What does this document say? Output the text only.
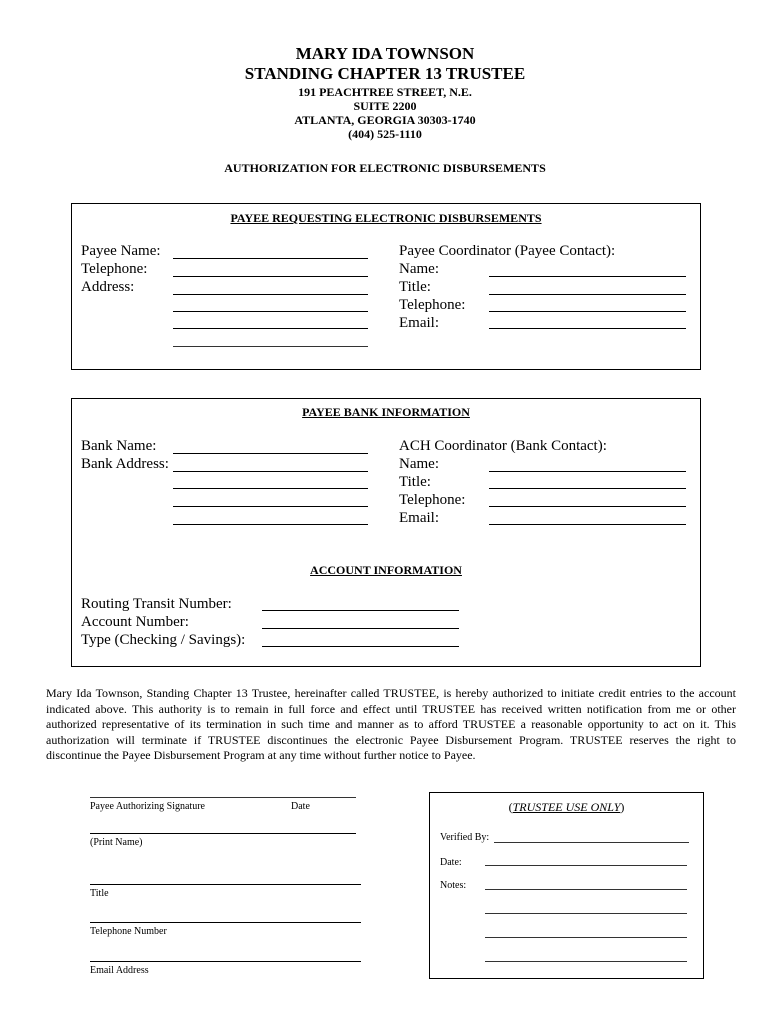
MARY IDA TOWNSON
STANDING CHAPTER 13 TRUSTEE
191 PEACHTREE STREET, N.E.
SUITE 2200
ATLANTA, GEORGIA 30303-1740
(404) 525-1110
AUTHORIZATION FOR ELECTRONIC DISBURSEMENTS
PAYEE REQUESTING ELECTRONIC DISBURSEMENTS
Payee Name:
Telephone:
Address:
Payee Coordinator (Payee Contact):
Name:
Title:
Telephone:
Email:
PAYEE BANK INFORMATION
Bank Name:
Bank Address:
ACH Coordinator (Bank Contact):
Name:
Title:
Telephone:
Email:
ACCOUNT INFORMATION
Routing Transit Number:
Account Number:
Type (Checking / Savings):
Mary Ida Townson, Standing Chapter 13 Trustee, hereinafter called TRUSTEE, is hereby authorized to initiate credit entries to the account indicated above. This authority is to remain in full force and effect until TRUSTEE has received written notification from me or other authorized representative of its termination in such time and manner as to afford TRUSTEE a reasonable opportunity to act on it. This authorization will terminate if TRUSTEE discontinues the electronic Payee Disbursement Program. TRUSTEE reserves the right to discontinue the Payee Disbursement Program at any time without further notice to Payee.
Payee Authorizing Signature	Date
(Print Name)
Title
Telephone Number
Email Address
(TRUSTEE USE ONLY)
Verified By:
Date:
Notes:
